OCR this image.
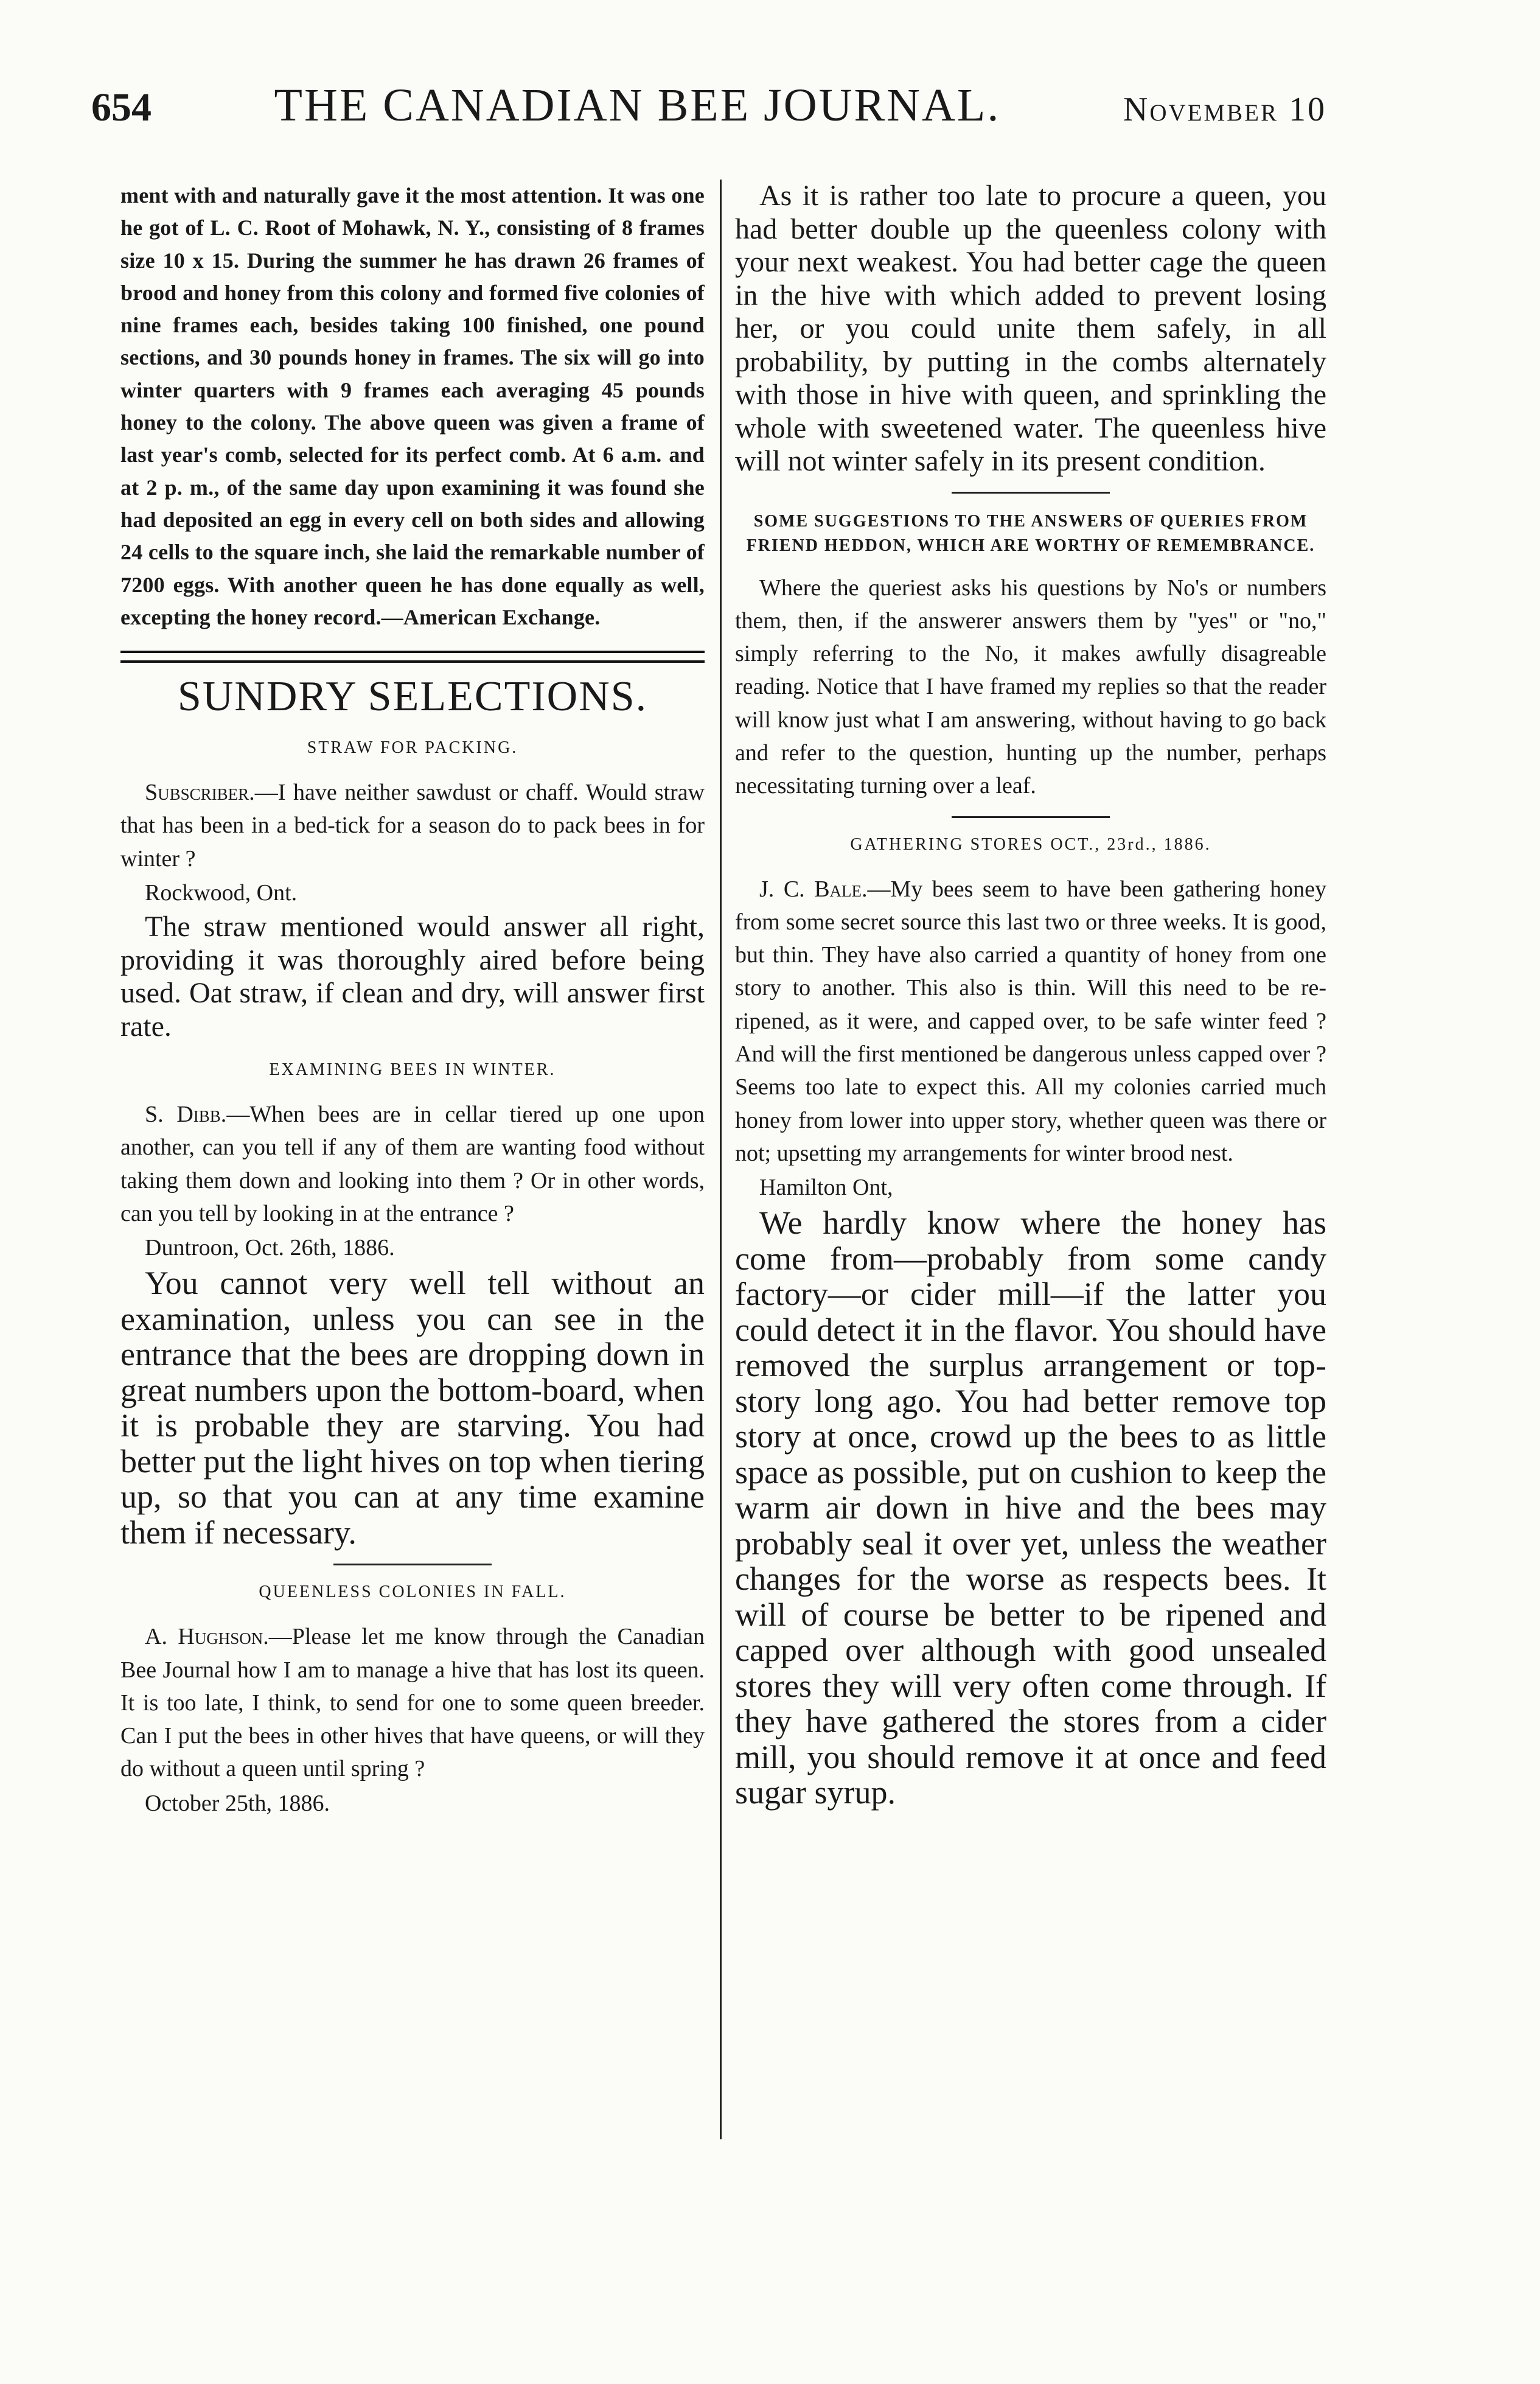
654	THE CANADIAN BEE JOURNAL.	November 10

ment with and naturally gave it the most attention. It was one he got of L. C. Root of Mohawk, N. Y., consisting of 8 frames size 10 x 15. During the summer he has drawn 26 frames of brood and honey from this colony and formed five colonies of nine frames each, besides taking 100 finished, one pound sections, and 30 pounds honey in frames. The six will go into winter quarters with 9 frames each averaging 45 pounds honey to the colony. The above queen was given a frame of last year's comb, selected for its perfect comb. At 6 a.m. and at 2 p. m., of the same day upon examining it was found she had deposited an egg in every cell on both sides and allowing 24 cells to the square inch, she laid the remarkable number of 7200 eggs. With another queen he has done equally as well, excepting the honey record.—American Exchange.

SUNDRY SELECTIONS.
STRAW FOR PACKING.

Subscriber.—I have neither sawdust or chaff. Would straw that has been in a bed-tick for a season do to pack bees in for winter ?

Rockwood, Ont.

The straw mentioned would answer all right, providing it was thoroughly aired before being used. Oat straw, if clean and dry, will answer first rate.

EXAMINING BEES IN WINTER.

S. Dibb.—When bees are in cellar tiered up one upon another, can you tell if any of them are wanting food without taking them down and looking into them ? Or in other words, can you tell by looking in at the entrance ?

Duntroon, Oct. 26th, 1886.

You cannot very well tell without an examination, unless you can see in the entrance that the bees are dropping down in great numbers upon the bottom-board, when it is probable they are starving. You had better put the light hives on top when tiering up, so that you can at any time examine them if necessary.

QUEENLESS COLONIES IN FALL.

A. Hughson.—Please let me know through the Canadian Bee Journal how I am to manage a hive that has lost its queen. It is too late, I think, to send for one to some queen breeder. Can I put the bees in other hives that have queens, or will they do without a queen until spring ?

October 25th, 1886.

As it is rather too late to procure a queen, you had better double up the queenless colony with your next weakest. You had better cage the queen in the hive with which added to prevent losing her, or you could unite them safely, in all probability, by putting in the combs alternately with those in hive with queen, and sprinkling the whole with sweetened water. The queenless hive will not winter safely in its present condition.

SOME SUGGESTIONS TO THE ANSWERS OF QUERIES FROM FRIEND HEDDON, WHICH ARE WORTHY OF REMEMBRANCE.

Where the queriest asks his questions by No's or numbers them, then, if the answerer answers them by "yes" or "no," simply referring to the No, it makes awfully disagreable reading. Notice that I have framed my replies so that the reader will know just what I am answering, without having to go back and refer to the question, hunting up the number, perhaps necessitating turning over a leaf.

GATHERING STORES OCT., 23rd., 1886.

J. C. Bale.—My bees seem to have been gathering honey from some secret source this last two or three weeks. It is good, but thin. They have also carried a quantity of honey from one story to another. This also is thin. Will this need to be re-ripened, as it were, and capped over, to be safe winter feed ? And will the first mentioned be dangerous unless capped over ? Seems too late to expect this. All my colonies carried much honey from lower into upper story, whether queen was there or not; upsetting my arrangements for winter brood nest.

Hamilton Ont,

We hardly know where the honey has come from—probably from some candy factory—or cider mill—if the latter you could detect it in the flavor. You should have removed the surplus arrangement or top-story long ago. You had better remove top story at once, crowd up the bees to as little space as possible, put on cushion to keep the warm air down in hive and the bees may probably seal it over yet, unless the weather changes for the worse as respects bees. It will of course be better to be ripened and capped over although with good unsealed stores they will very often come through. If they have gathered the stores from a cider mill, you should remove it at once and feed sugar syrup.
